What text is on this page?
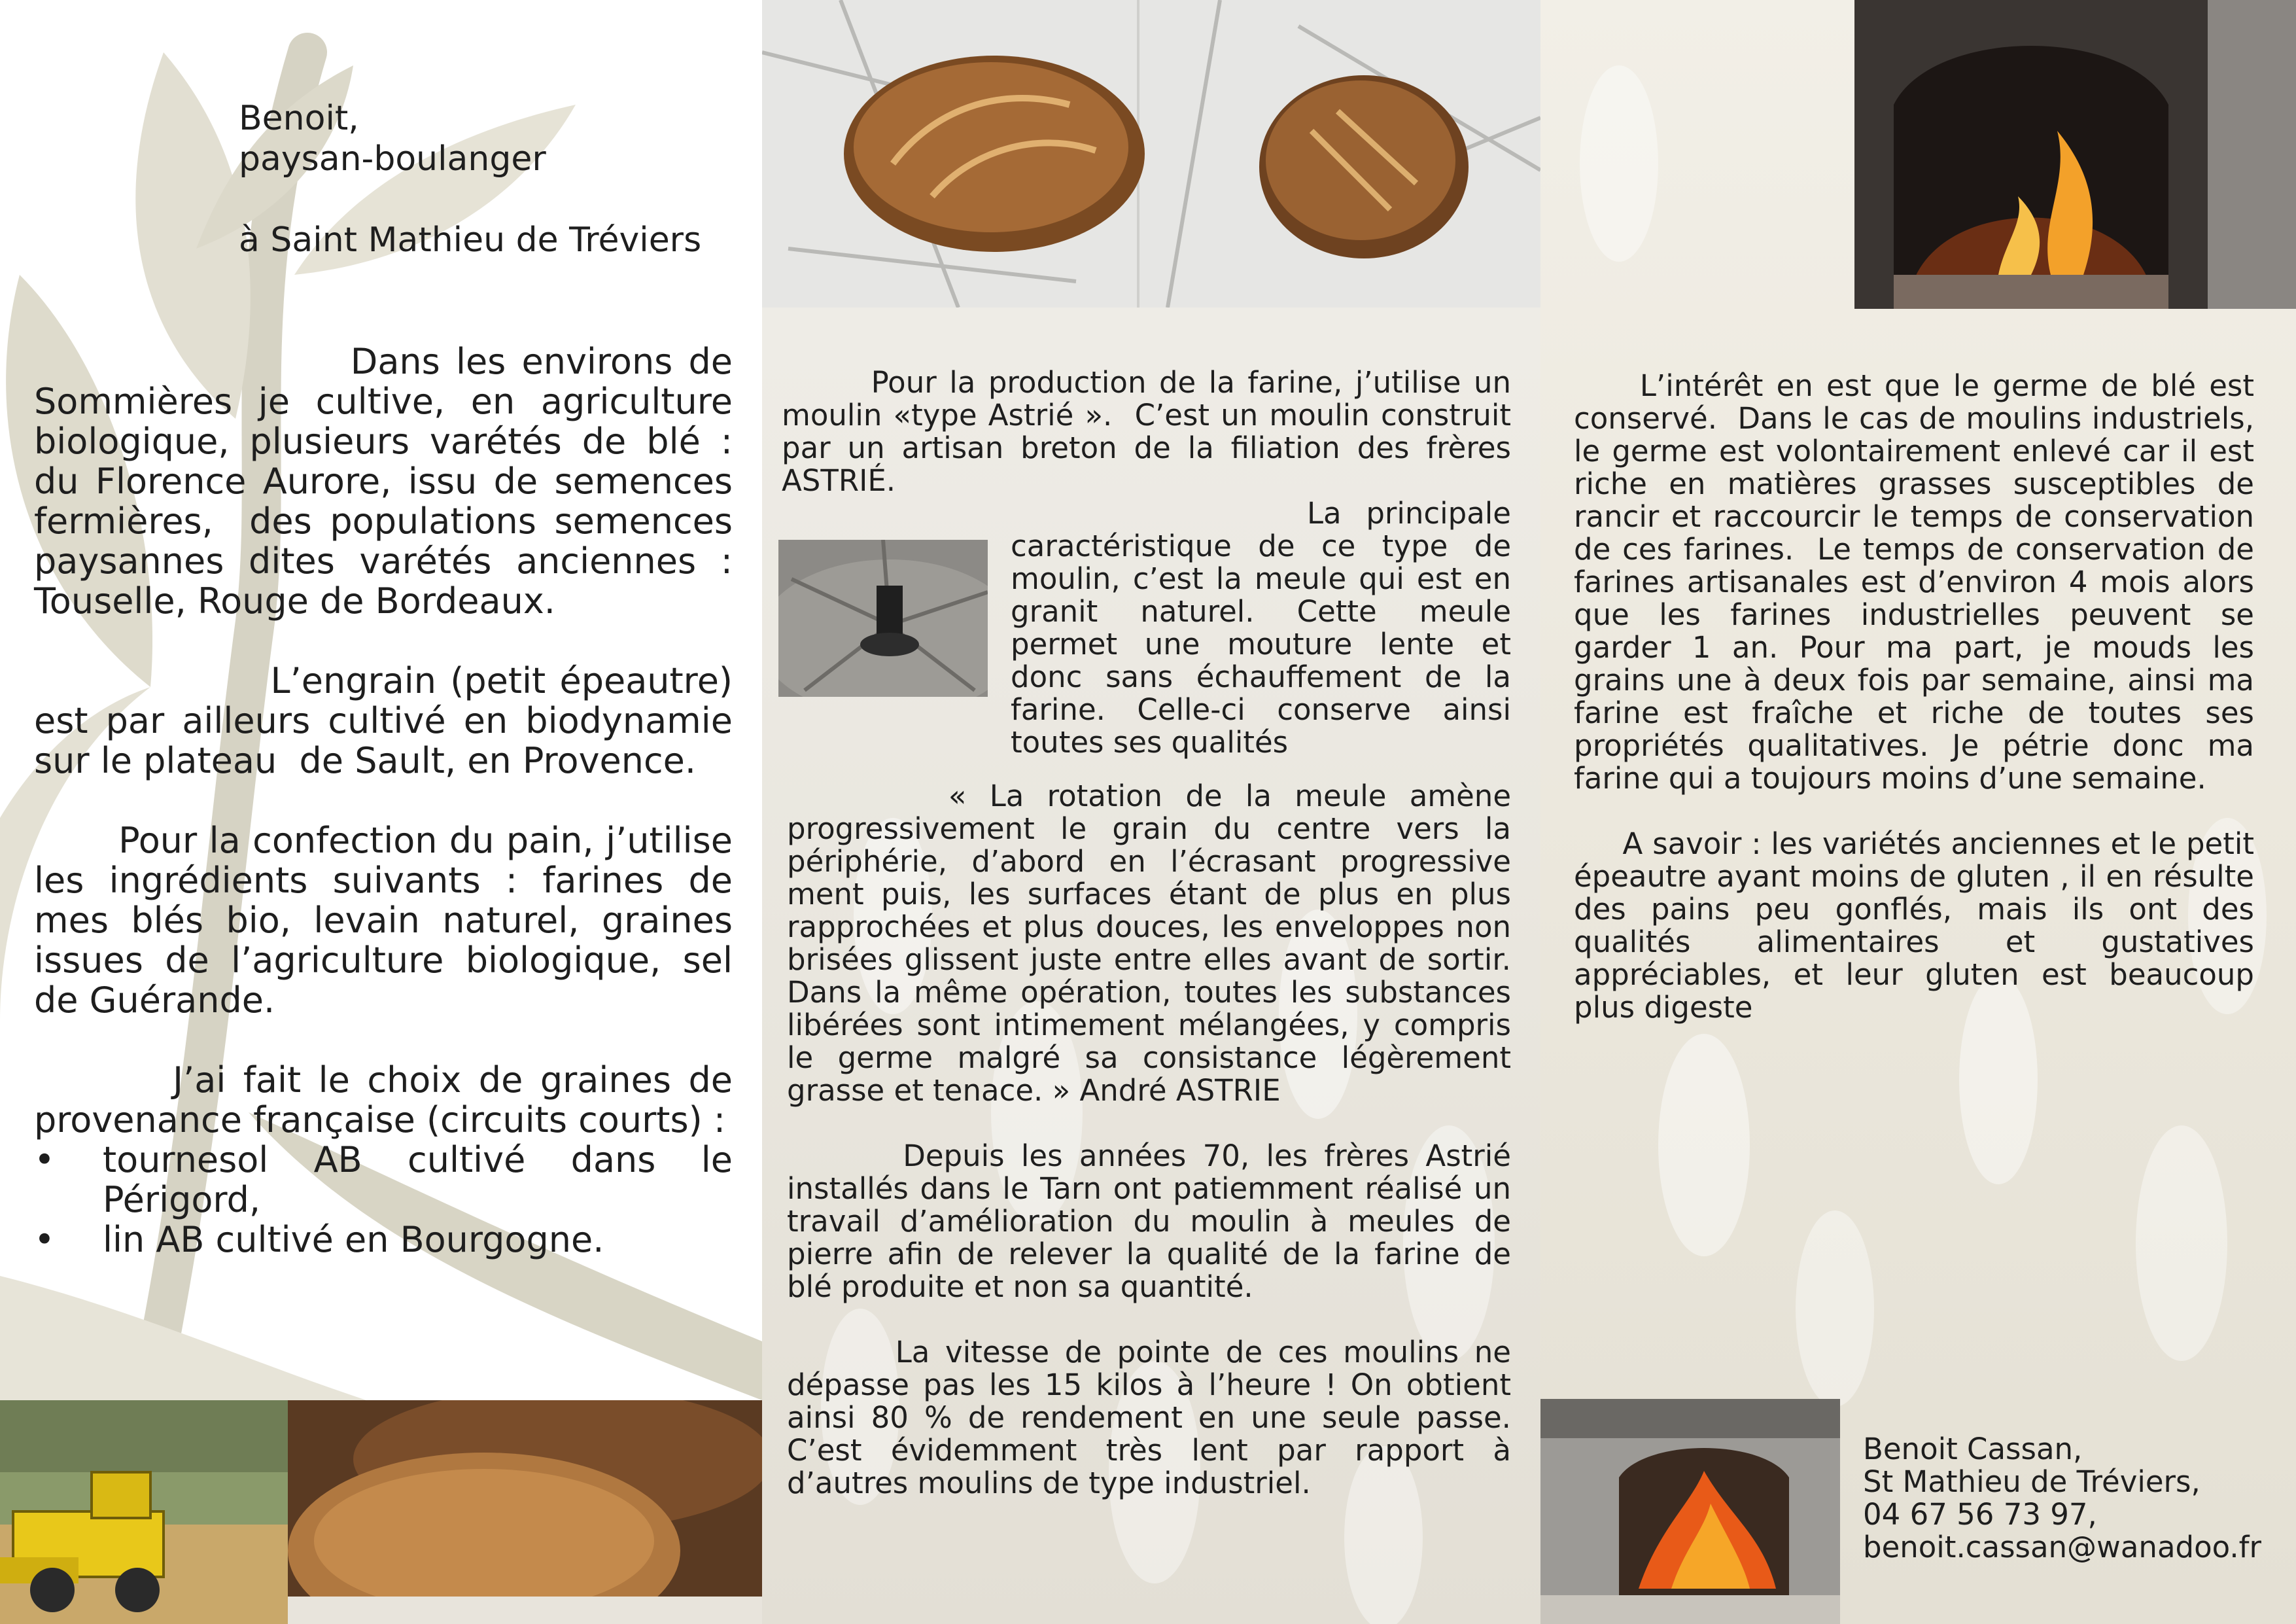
Benoit,

paysan-boulanger

à Saint Mathieu de Tréviers

Dans les environs de Sommières je cultive, en agriculture biologique, plusieurs varétés de blé : du Florence Aurore, issu de semences fermières,  des populations semences paysannes dites varétés anciennes : Touselle, Rouge de Bordeaux.

L’engrain (petit épeautre) est par ailleurs cultivé en biodynamie sur le plateau  de Sault, en Provence.

Pour la confection du pain, j’utilise les ingrédients suivants : farines de mes blés bio, levain naturel, graines issues de l’agriculture biologique, sel de Guérande.

J’ai fait le choix de graines de provenance française (circuits courts) :

•	tournesol AB cultivé dans le Périgord,
•	lin AB cultivé en Bourgogne.

Pour la production de la farine, j’utilise un moulin «type Astrié ».  C’est un moulin construit par un artisan breton de la filiation des frères ASTRIÉ.

La principale caractéristique de ce type de moulin, c’est la meule qui est en granit naturel. Cette meule permet une mouture lente et donc sans échauffement de la farine. Celle-ci conserve ainsi toutes ses qualités

« La rotation de la meule amène progressivement le grain du centre vers la périphérie, d’abord en l’écrasant progressive ment puis, les surfaces étant de plus en plus rapprochées et plus douces, les enveloppes non brisées glissent juste entre elles avant de sortir. Dans la même opération, toutes les substances libérées sont intimement mélangées, y compris le germe malgré sa consistance légèrement grasse et tenace. » André ASTRIE

Depuis les années 70, les frères Astrié installés dans le Tarn ont patiemment réalisé un travail d’amélioration du moulin à meules de pierre afin de relever la qualité de la farine de blé produite et non sa quantité.

La vitesse de pointe de ces moulins ne dépasse pas les 15 kilos à l’heure ! On obtient ainsi 80 % de rendement en une seule passe. C’est évidemment très lent par rapport à d’autres moulins de type industriel.

L’intérêt en est que le germe de blé est conservé.  Dans le cas de moulins industriels, le germe est volontairement enlevé car il est riche en matières grasses susceptibles de rancir et raccourcir le temps de conservation de ces farines.  Le temps de conservation de farines artisanales est d’environ 4 mois alors que les farines industrielles peuvent se garder 1 an. Pour ma part, je mouds les grains une à deux fois par semaine, ainsi ma farine est fraîche et riche de toutes ses propriétés qualitatives. Je pétrie donc ma farine qui a toujours moins d’une semaine.

A savoir : les variétés anciennes et le petit épeautre ayant moins de gluten , il en résulte des pains peu gonflés, mais ils ont des qualités alimentaires et gustatives appréciables, et leur gluten est beaucoup plus digeste

Benoit Cassan,

St Mathieu de Tréviers,

04 67 56 73 97,

benoit.cassan@wanadoo.fr
